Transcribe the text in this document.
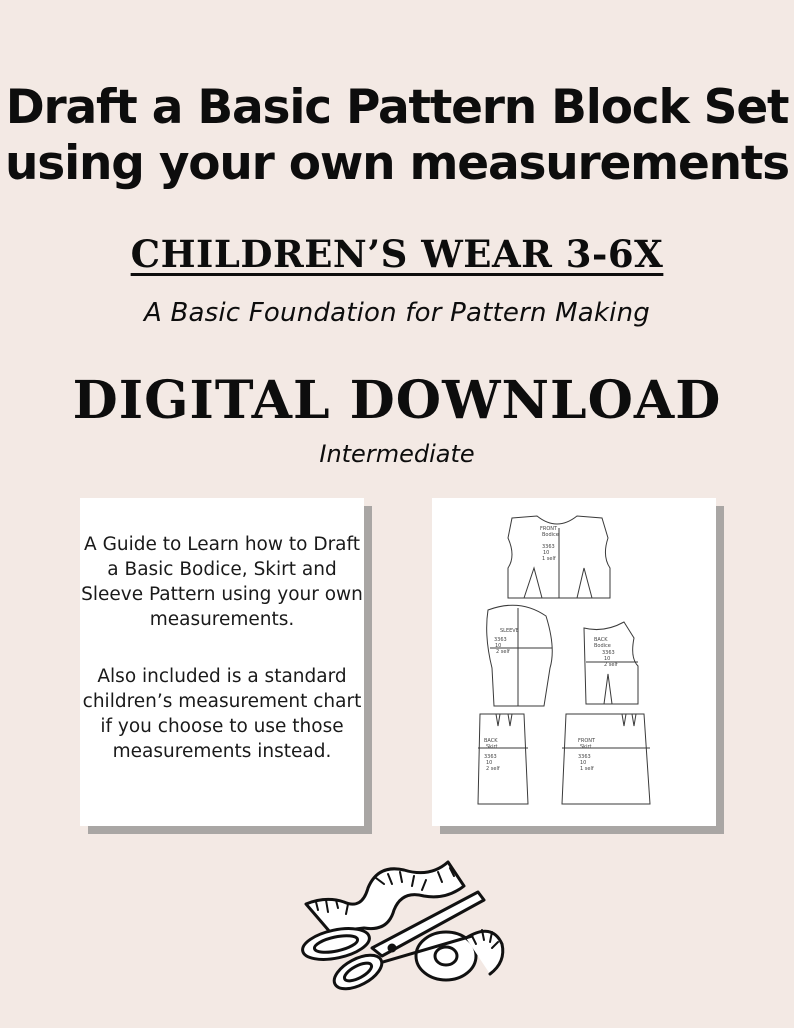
Draft a Basic Pattern Block Set
using your own measurements
CHILDREN’S WEAR 3-6X
A Basic Foundation for Pattern Making
DIGITAL DOWNLOAD
Intermediate

A Guide to Learn how to Draft a Basic Bodice, Skirt and Sleeve Pattern using your own measurements.

Also included is a standard children’s measurement chart if you choose to use those measurements instead.

FRONT
Bodice
3363
10
1 self
SLEEVE
3363
10
2 self
BACK
Bodice
3363
10
2 self
BACK
Skirt
3363
10
2 self
FRONT
Skirt
3363
10
1 self
